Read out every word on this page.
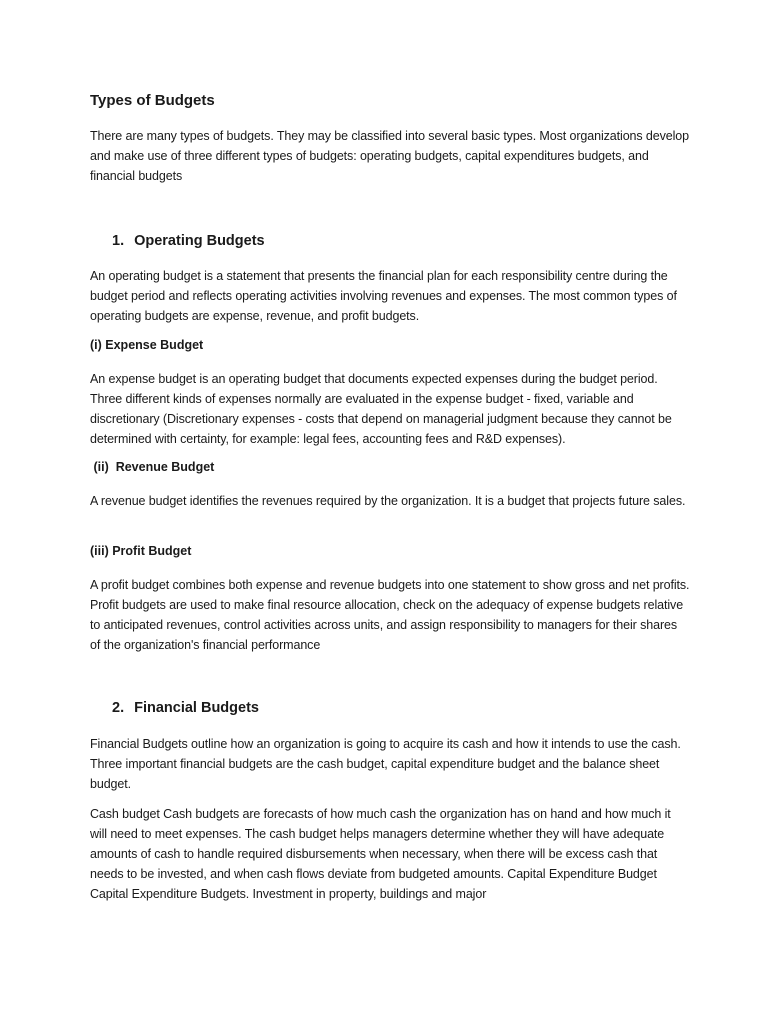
Types of Budgets

There are many types of budgets. They may be classified into several basic types. Most organizations develop and make use of three different types of budgets: operating budgets, capital expenditures budgets, and financial budgets

1. Operating Budgets

An operating budget is a statement that presents the financial plan for each responsibility centre during the budget period and reflects operating activities involving revenues and expenses. The most common types of operating budgets are expense, revenue, and profit budgets.

(i) Expense Budget

An expense budget is an operating budget that documents expected expenses during the budget period. Three different kinds of expenses normally are evaluated in the expense budget - fixed, variable and discretionary (Discretionary expenses - costs that depend on managerial judgment because they cannot be determined with certainty, for example: legal fees, accounting fees and R&D expenses).

(ii)  Revenue Budget

A revenue budget identifies the revenues required by the organization. It is a budget that projects future sales.

(iii) Profit Budget

A profit budget combines both expense and revenue budgets into one statement to show gross and net profits. Profit budgets are used to make final resource allocation, check on the adequacy of expense budgets relative to anticipated revenues, control activities across units, and assign responsibility to managers for their shares of the organization's financial performance

2. Financial Budgets

Financial Budgets outline how an organization is going to acquire its cash and how it intends to use the cash. Three important financial budgets are the cash budget, capital expenditure budget and the balance sheet budget.

Cash budget Cash budgets are forecasts of how much cash the organization has on hand and how much it will need to meet expenses. The cash budget helps managers determine whether they will have adequate amounts of cash to handle required disbursements when necessary, when there will be excess cash that needs to be invested, and when cash flows deviate from budgeted amounts. Capital Expenditure Budget Capital Expenditure Budgets. Investment in property, buildings and major
